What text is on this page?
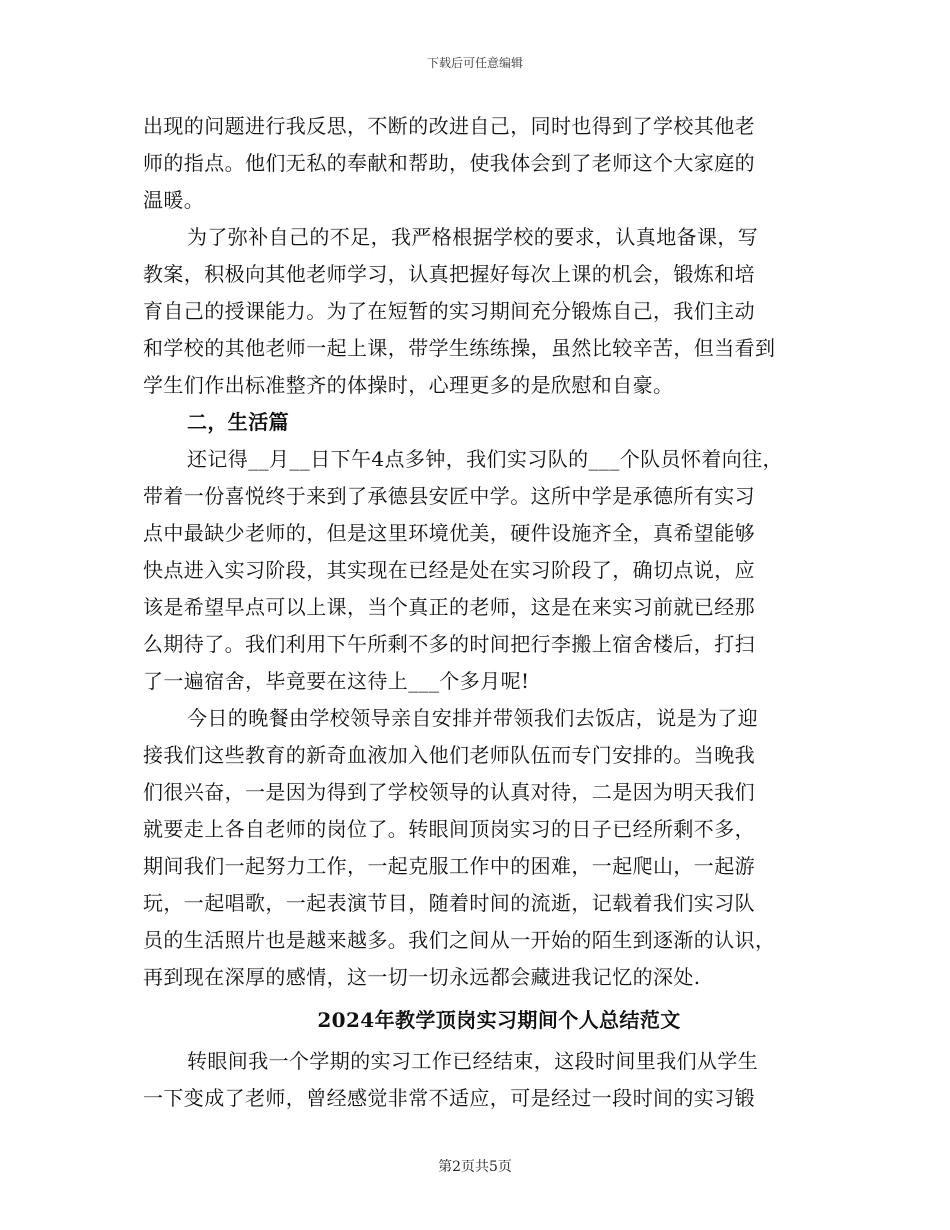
下载后可任意编辑
出现的问题进行我反思，不断的改进自己，同时也得到了学校其他老
师的指点。他们无私的奉献和帮助，使我体会到了老师这个大家庭的
温暖。
为了弥补自己的不足，我严格根据学校的要求，认真地备课，写
教案，积极向其他老师学习，认真把握好每次上课的机会，锻炼和培
育自己的授课能力。为了在短暂的实习期间充分锻炼自己，我们主动
和学校的其他老师一起上课，带学生练练操，虽然比较辛苦，但当看到
学生们作出标准整齐的体操时，心理更多的是欣慰和自豪。
二，生活篇
还记得__月__日下午4点多钟，我们实习队的___个队员怀着向往，
带着一份喜悦终于来到了承德县安匠中学。这所中学是承德所有实习
点中最缺少老师的，但是这里环境优美，硬件设施齐全，真希望能够
快点进入实习阶段，其实现在已经是处在实习阶段了，确切点说，应
该是希望早点可以上课，当个真正的老师，这是在来实习前就已经那
么期待了。我们利用下午所剩不多的时间把行李搬上宿舍楼后，打扫
了一遍宿舍，毕竟要在这待上___个多月呢!
今日的晚餐由学校领导亲自安排并带领我们去饭店，说是为了迎
接我们这些教育的新奇血液加入他们老师队伍而专门安排的。当晚我
们很兴奋，一是因为得到了学校领导的认真对待，二是因为明天我们
就要走上各自老师的岗位了。转眼间顶岗实习的日子已经所剩不多，
期间我们一起努力工作，一起克服工作中的困难，一起爬山，一起游
玩，一起唱歌，一起表演节目，随着时间的流逝，记载着我们实习队
员的生活照片也是越来越多。我们之间从一开始的陌生到逐渐的认识，
再到现在深厚的感情，这一切一切永远都会藏进我记忆的深处.
2024年教学顶岗实习期间个人总结范文
转眼间我一个学期的实习工作已经结束，这段时间里我们从学生
一下变成了老师，曾经感觉非常不适应，可是经过一段时间的实习锻
第2页共5页
